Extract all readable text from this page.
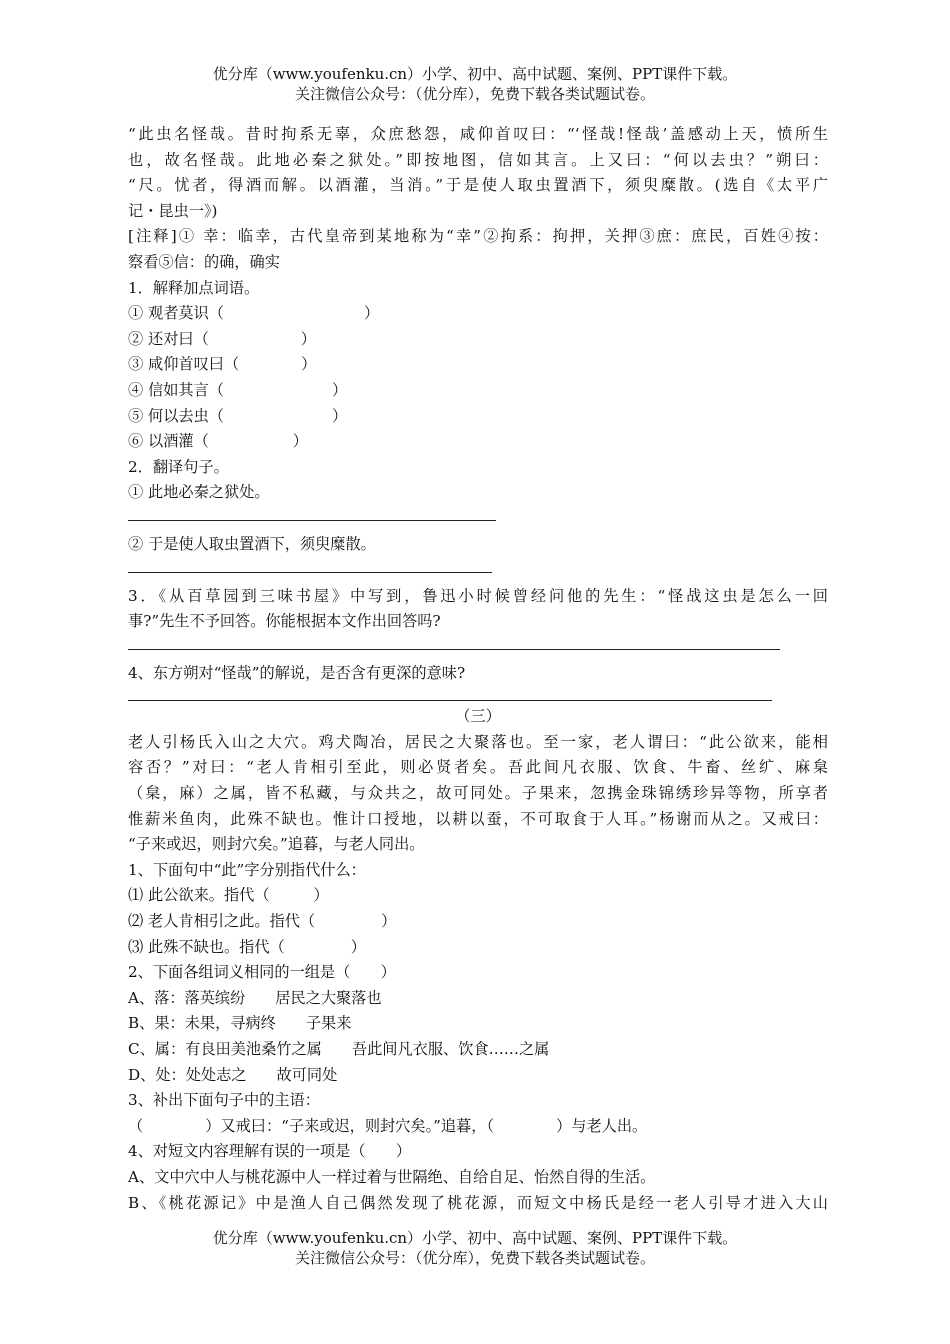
优分库（www.youfenku.cn）小学、初中、高中试题、案例、PPT课件下载。
关注微信公众号：（优分库），免费下载各类试题试卷。

“此虫名怪哉。昔时拘系无辜，众庶愁怨，咸仰首叹曰：“‘怪哉!怪哉’盖感动上天，愤所生

也，故名怪哉。此地必秦之狱处。”即按地图，信如其言。上又曰：“何以去虫？”朔曰：

“尺。忧者，得酒而解。以酒灌，当消。”于是使人取虫置酒下，须臾糜散。(选自《太平广

记・昆虫一》)

[注释]① 幸：临幸，古代皇帝到某地称为“幸”②拘系：拘押，关押③庶：庶民，百姓④按：

察看⑤信：的确，确实

1．解释加点词语。

① 观者莫识（	）

② 还对曰（	）

③ 咸仰首叹曰（	）

④ 信如其言（	）

⑤ 何以去虫（	）

⑥ 以酒灌（	）

2．翻译句子。

① 此地必秦之狱处。

② 于是使人取虫置酒下，须臾糜散。

3．《从百草园到三味书屋》中写到，鲁迅小时候曾经问他的先生：“怪战这虫是怎么一回

事?”先生不予回答。你能根据本文作出回答吗?

4、东方朔对“怪哉”的解说，是否含有更深的意味?

（三）

老人引杨氏入山之大穴。鸡犬陶冶，居民之大聚落也。至一家，老人谓曰：“此公欲来，能相

容否？”对曰：“老人肯相引至此，则必贤者矣。吾此间凡衣服、饮食、牛畜、丝纩、麻枲

（枲，麻）之属，皆不私藏，与众共之，故可同处。子果来，忽携金珠锦绣珍异等物，所享者

惟薪米鱼肉，此殊不缺也。惟计口授地，以耕以蚕，不可取食于人耳。”杨谢而从之。又戒曰：

“子来或迟，则封穴矣。”追暮，与老人同出。

1、下面句中“此”字分别指代什么：

⑴ 此公欲来。指代（	）

⑵ 老人肯相引之此。指代（	）

⑶ 此殊不缺也。指代（	）

2、下面各组词义相同的一组是（　　）

A、落：落英缤纷 居民之大聚落也

B、果：未果，寻病终 子果来

C、属：有良田美池桑竹之属 吾此间凡衣服、饮食……之属

D、处：处处志之 故可同处

3、补出下面句子中的主语：

（	）又戒曰：“子来或迟，则封穴矣。”追暮，（	）与老人出。

4、对短文内容理解有误的一项是（　　）

A、文中穴中人与桃花源中人一样过着与世隔绝、自给自足、怡然自得的生活。

B、《桃花源记》中是渔人自己偶然发现了桃花源，而短文中杨氏是经一老人引导才进入大山

优分库（www.youfenku.cn）小学、初中、高中试题、案例、PPT课件下载。
关注微信公众号：（优分库），免费下载各类试题试卷。
